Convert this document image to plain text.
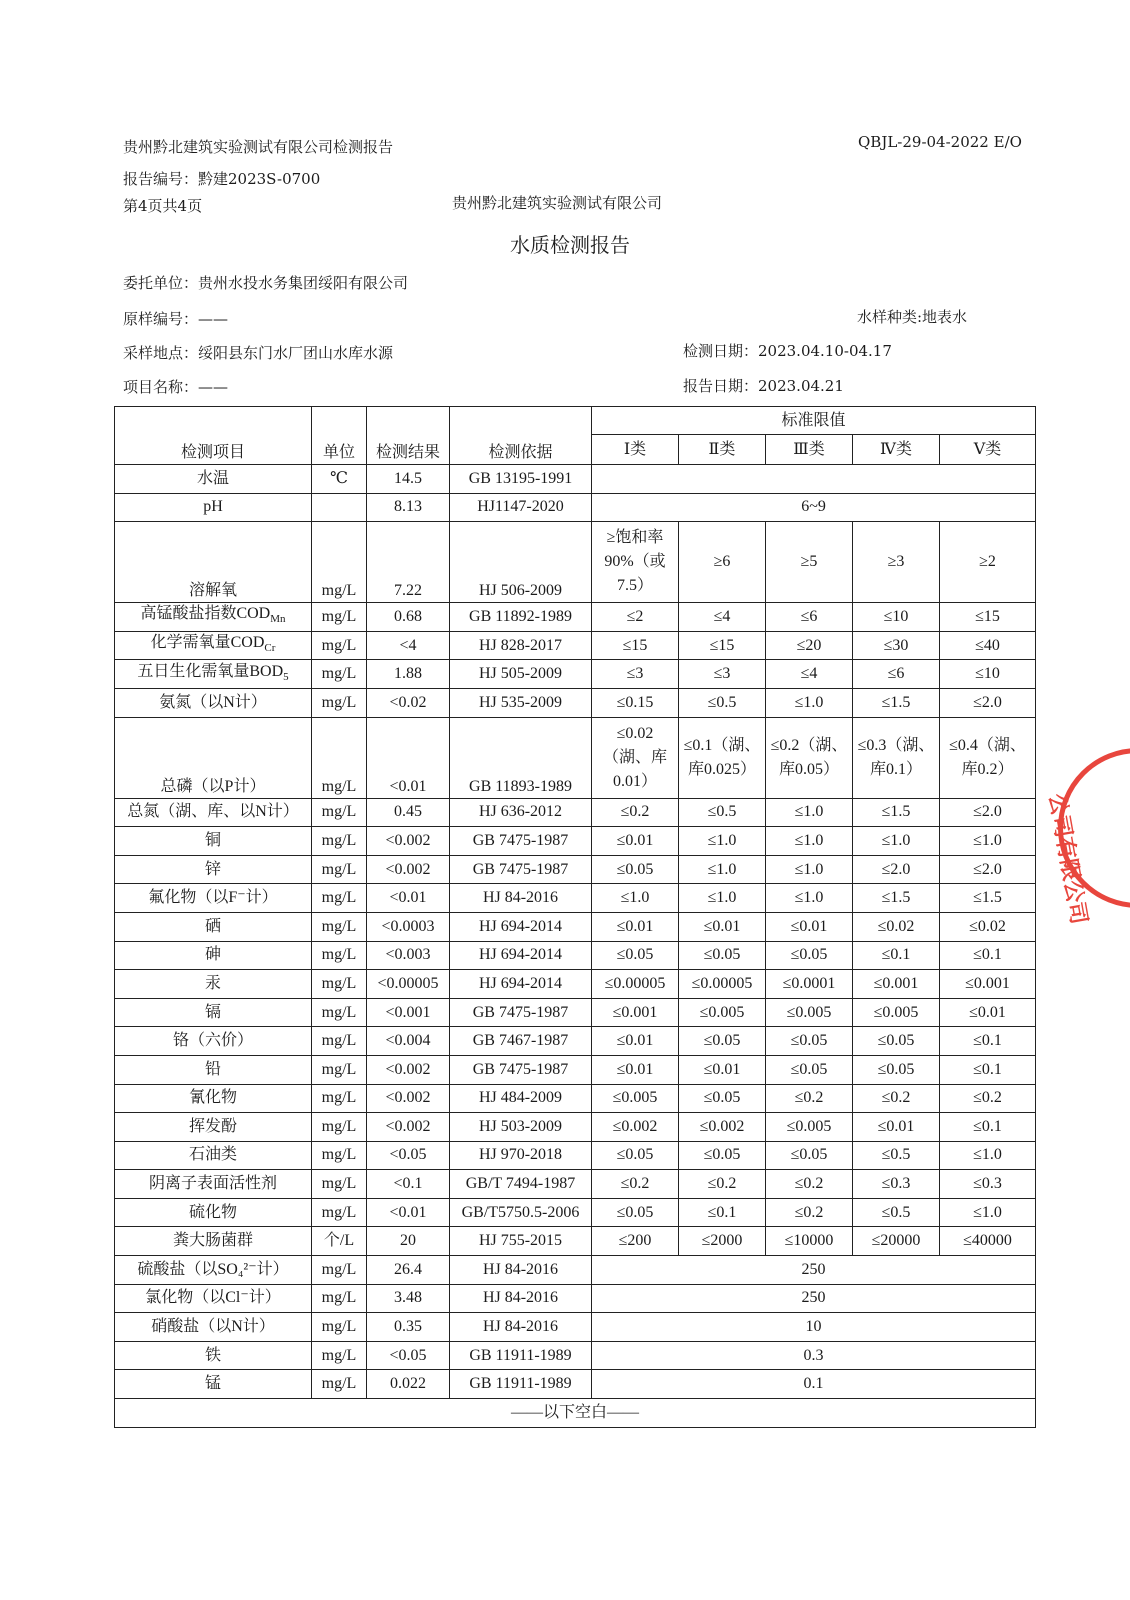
贵州黔北建筑实验测试有限公司检测报告	QBJL-29-04-2022 E/O
报告编号：黔建2023S-0700
第4页共4页	贵州黔北建筑实验测试有限公司
水质检测报告
委托单位：贵州水投水务集团绥阳有限公司
原样编号：——	水样种类:地表水
采样地点：绥阳县东门水厂团山水库水源	检测日期：2023.04.10-04.17
项目名称：——	报告日期：2023.04.21
检测项目	单位	检测结果	检测依据	标准限值				
				Ⅰ类	Ⅱ类	Ⅲ类	Ⅳ类	Ⅴ类
水温	℃	14.5	GB 13195-1991					
pH		8.13	HJ1147-2020	6~9				
溶解氧	mg/L	7.22	HJ 506-2009	≥饱和率90%（或7.5）	≥6	≥5	≥3	≥2
高锰酸盐指数$COD_{Mn}$	mg/L	0.68	GB 11892-1989	≤2	≤4	≤6	≤10	≤15
化学需氧量$COD_{Cr}$	mg/L	<4	HJ 828-2017	≤15	≤15	≤20	≤30	≤40
五日生化需氧量$BOD_5$	mg/L	1.88	HJ 505-2009	≤3	≤3	≤4	≤6	≤10
氨氮（以N计）	mg/L	<0.02	HJ 535-2009	≤0.15	≤0.5	≤1.0	≤1.5	≤2.0
总磷（以P计）	mg/L	<0.01	GB 11893-1989	≤0.02（湖、库0.01）	≤0.1（湖、库0.025）	≤0.2（湖、库0.05）	≤0.3（湖、库0.1）	≤0.4（湖、库0.2）
总氮（湖、库、以N计）	mg/L	0.45	HJ 636-2012	≤0.2	≤0.5	≤1.0	≤1.5	≤2.0
铜	mg/L	<0.002	GB 7475-1987	≤0.01	≤1.0	≤1.0	≤1.0	≤1.0
锌	mg/L	<0.002	GB 7475-1987	≤0.05	≤1.0	≤1.0	≤2.0	≤2.0
氟化物（以F⁻计）	mg/L	<0.01	HJ 84-2016	≤1.0	≤1.0	≤1.0	≤1.5	≤1.5
硒	mg/L	<0.0003	HJ 694-2014	≤0.01	≤0.01	≤0.01	≤0.02	≤0.02
砷	mg/L	<0.003	HJ 694-2014	≤0.05	≤0.05	≤0.05	≤0.1	≤0.1
汞	mg/L	<0.00005	HJ 694-2014	≤0.00005	≤0.00005	≤0.0001	≤0.001	≤0.001
镉	mg/L	<0.001	GB 7475-1987	≤0.001	≤0.005	≤0.005	≤0.005	≤0.01
铬（六价）	mg/L	<0.004	GB 7467-1987	≤0.01	≤0.05	≤0.05	≤0.05	≤0.1
铅	mg/L	<0.002	GB 7475-1987	≤0.01	≤0.01	≤0.05	≤0.05	≤0.1
氰化物	mg/L	<0.002	HJ 484-2009	≤0.005	≤0.05	≤0.2	≤0.2	≤0.2
挥发酚	mg/L	<0.002	HJ 503-2009	≤0.002	≤0.002	≤0.005	≤0.01	≤0.1
石油类	mg/L	<0.05	HJ 970-2018	≤0.05	≤0.05	≤0.05	≤0.5	≤1.0
阴离子表面活性剂	mg/L	<0.1	GB/T 7494-1987	≤0.2	≤0.2	≤0.2	≤0.3	≤0.3
硫化物	mg/L	<0.01	GB/T5750.5-2006	≤0.05	≤0.1	≤0.2	≤0.5	≤1.0
粪大肠菌群	个/L	20	HJ 755-2015	≤200	≤2000	≤10000	≤20000	≤40000
硫酸盐（以SO₄²⁻计）	mg/L	26.4	HJ 84-2016	250				
氯化物（以Cl⁻计）	mg/L	3.48	HJ 84-2016	250				
硝酸盐（以N计）	mg/L	0.35	HJ 84-2016	10				
铁	mg/L	<0.05	GB 11911-1989	0.3				
锰	mg/L	0.022	GB 11911-1989	0.1				
——以下空白——								
公司有限公司
